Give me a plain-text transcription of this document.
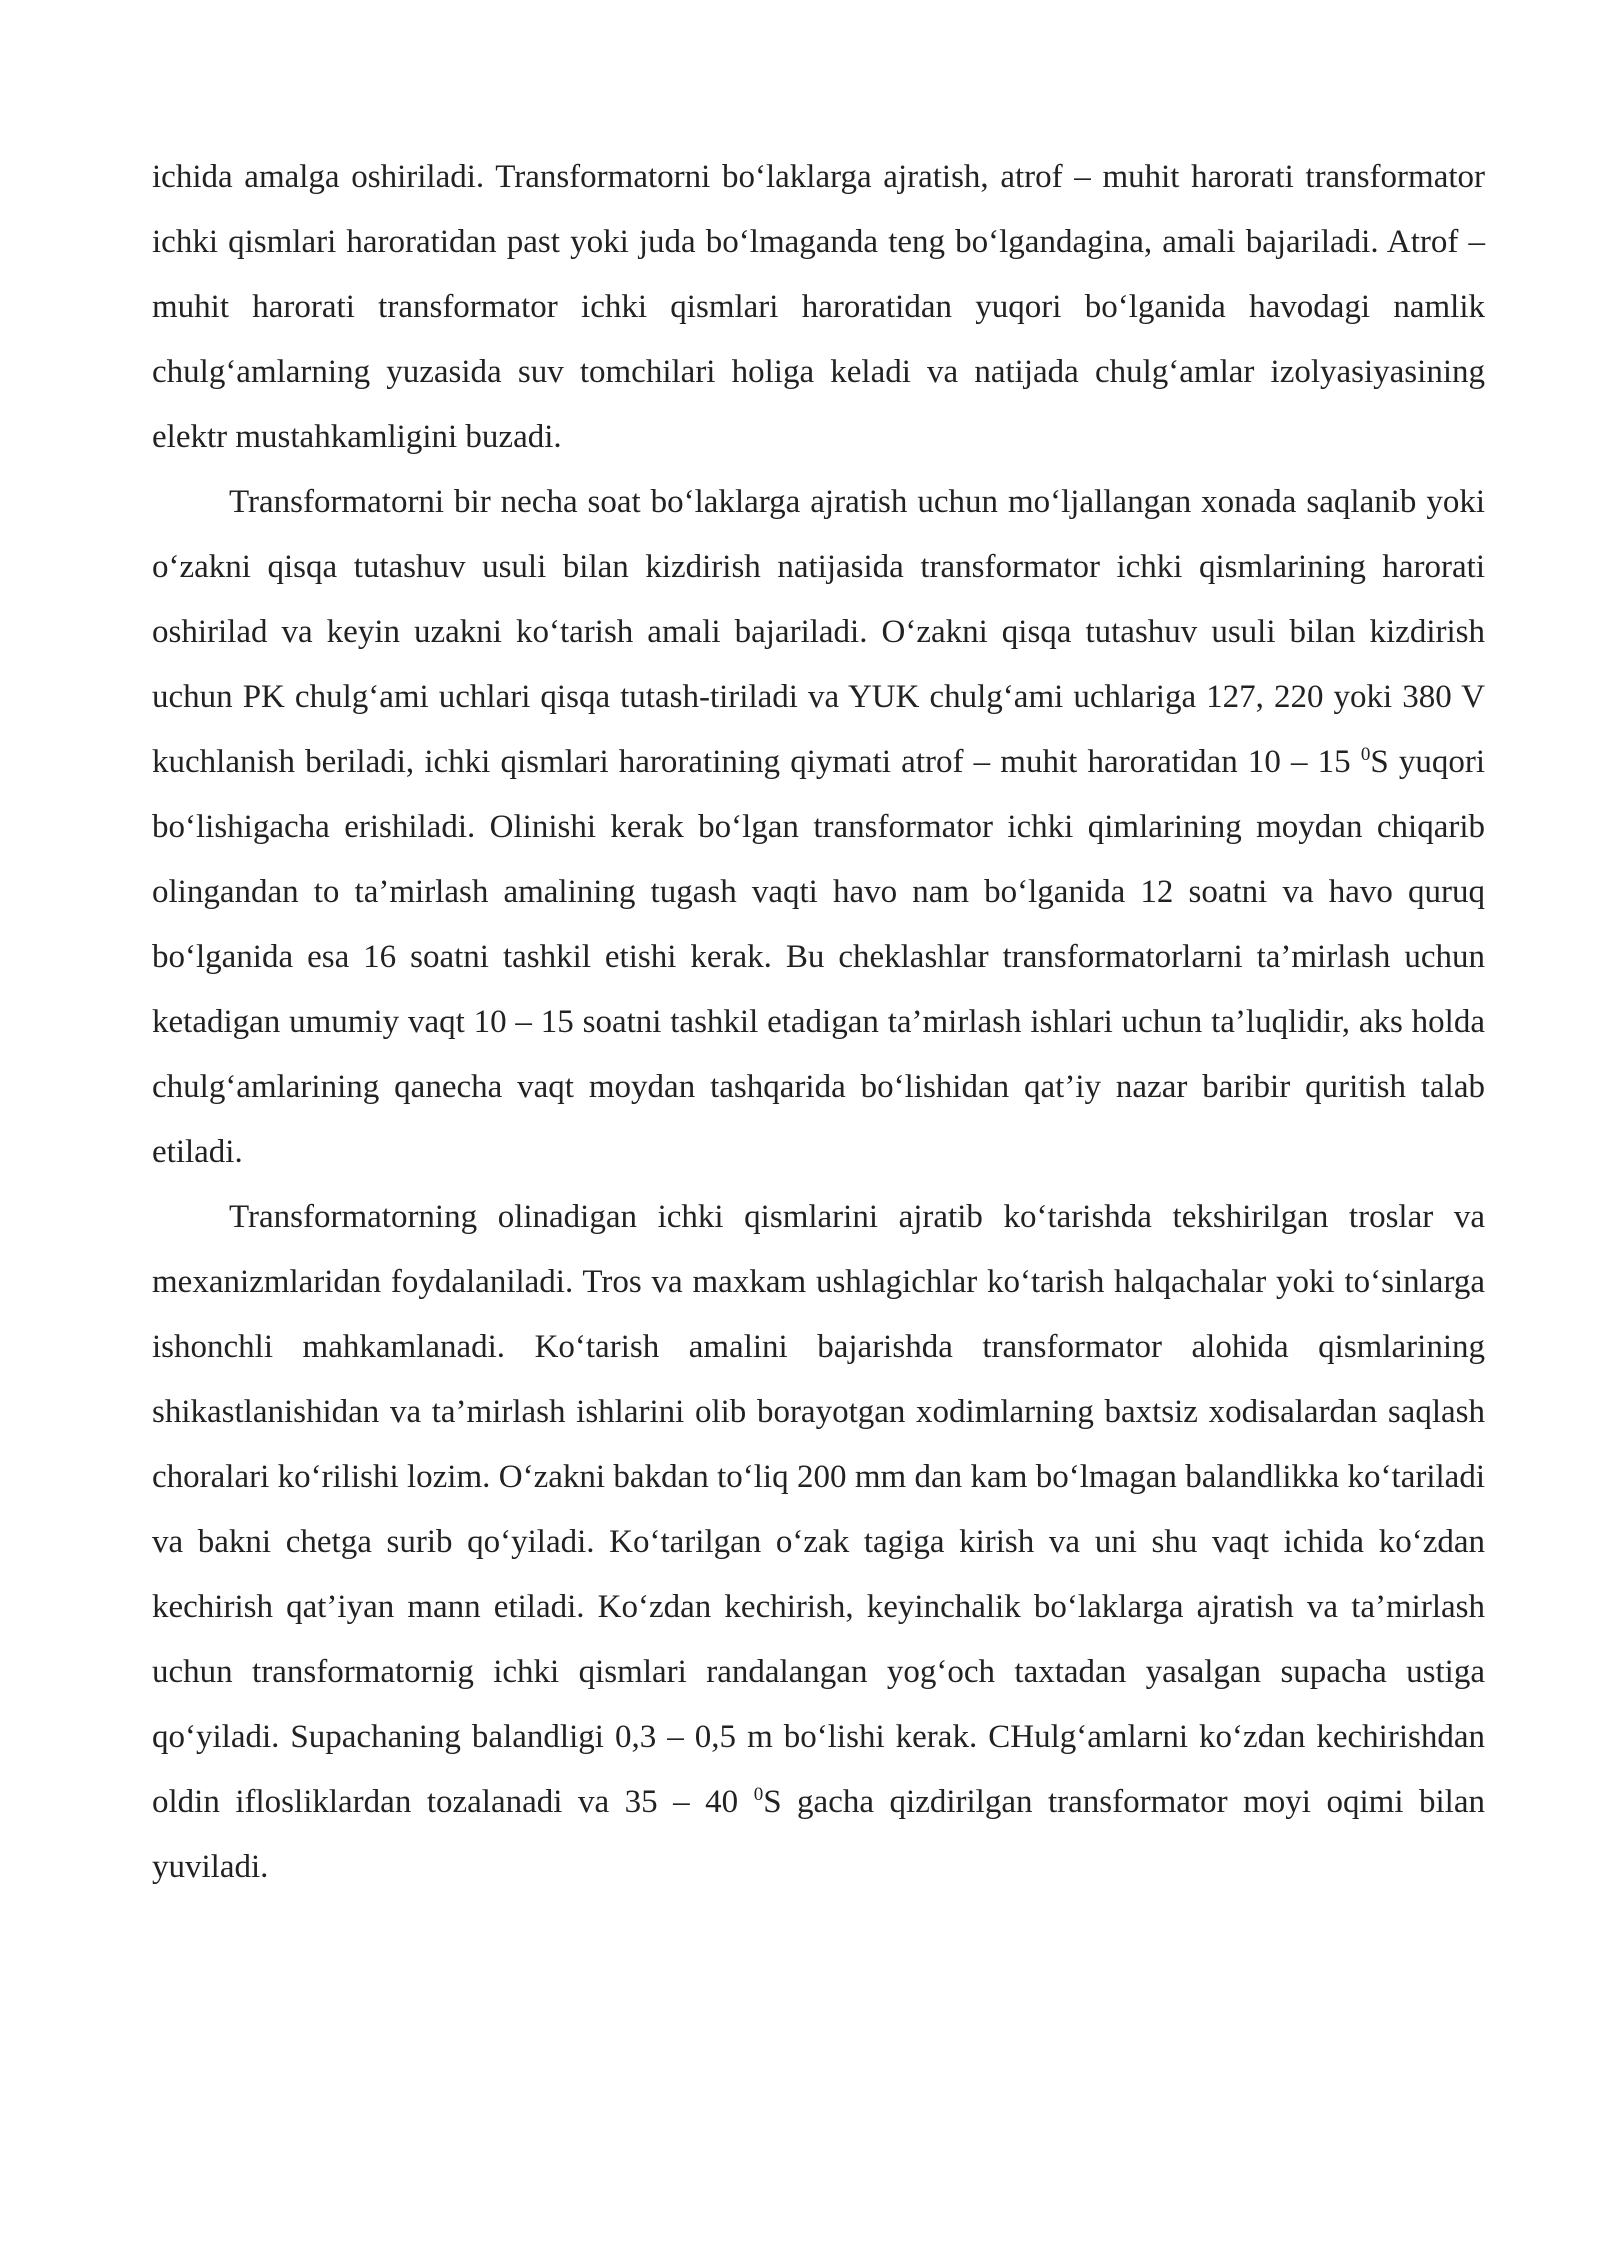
ichida amalga oshiriladi. Transformatorni bo‘laklarga ajratish, atrof – muhit harorati transformator ichki qismlari haroratidan past yoki juda bo‘lmaganda teng bo‘lgandagina, amali bajariladi. Atrof – muhit harorati transformator ichki qismlari haroratidan yuqori bo‘lganida havodagi namlik chulg‘amlarning yuzasida suv tomchilari holiga keladi va natijada chulg‘amlar izolyasiyasining elektr mustahkamligini buzadi.

Transformatorni bir necha soat bo‘laklarga ajratish uchun mo‘ljallangan xonada saqlanib yoki o‘zakni qisqa tutashuv usuli bilan kizdirish natijasida transformator ichki qismlarining harorati oshirilad va keyin uzakni ko‘tarish amali bajariladi. O‘zakni qisqa tutashuv usuli bilan kizdirish uchun PK chulg‘ami uchlari qisqa tutash-tiriladi va YUK chulg‘ami uchlariga 127, 220 yoki 380 V kuchlanish beriladi, ichki qismlari haroratining qiymati atrof – muhit haroratidan 10 – 15 $^0$S yuqori bo‘lishigacha erishiladi. Olinishi kerak bo‘lgan transformator ichki qimlarining moydan chiqarib olingandan to ta’mirlash amalining tugash vaqti havo nam bo‘lganida 12 soatni va havo quruq bo‘lganida esa 16 soatni tashkil etishi kerak. Bu cheklashlar transformatorlarni ta’mirlash uchun ketadigan umumiy vaqt 10 – 15 soatni tashkil etadigan ta’mirlash ishlari uchun ta’luqlidir, aks holda chulg‘amlarining qanecha vaqt moydan tashqarida bo‘lishidan qat’iy nazar baribir quritish talab etiladi.

Transformatorning olinadigan ichki qismlarini ajratib ko‘tarishda tekshirilgan troslar va mexanizmlaridan foydalaniladi. Tros va maxkam ushlagichlar ko‘tarish halqachalar yoki to‘sinlarga ishonchli mahkamlanadi. Ko‘tarish amalini bajarishda transformator alohida qismlarining shikastlanishidan va ta’mirlash ishlarini olib borayotgan xodimlarning baxtsiz xodisalardan saqlash choralari ko‘rilishi lozim. O‘zakni bakdan to‘liq 200 mm dan kam bo‘lmagan balandlikka ko‘tariladi va bakni chetga surib qo‘yiladi. Ko‘tarilgan o‘zak tagiga kirish va uni shu vaqt ichida ko‘zdan kechirish qat’iyan mann etiladi. Ko‘zdan kechirish, keyinchalik bo‘laklarga ajratish va ta’mirlash uchun transformatornig ichki qismlari randalangan yog‘och taxtadan yasalgan supacha ustiga qo‘yiladi. Supachaning balandligi 0,3 – 0,5 m bo‘lishi kerak. CHulg‘amlarni ko‘zdan kechirishdan oldin iflosliklardan tozalanadi va 35 – 40 $^0$S gacha qizdirilgan transformator moyi oqimi bilan yuviladi.
